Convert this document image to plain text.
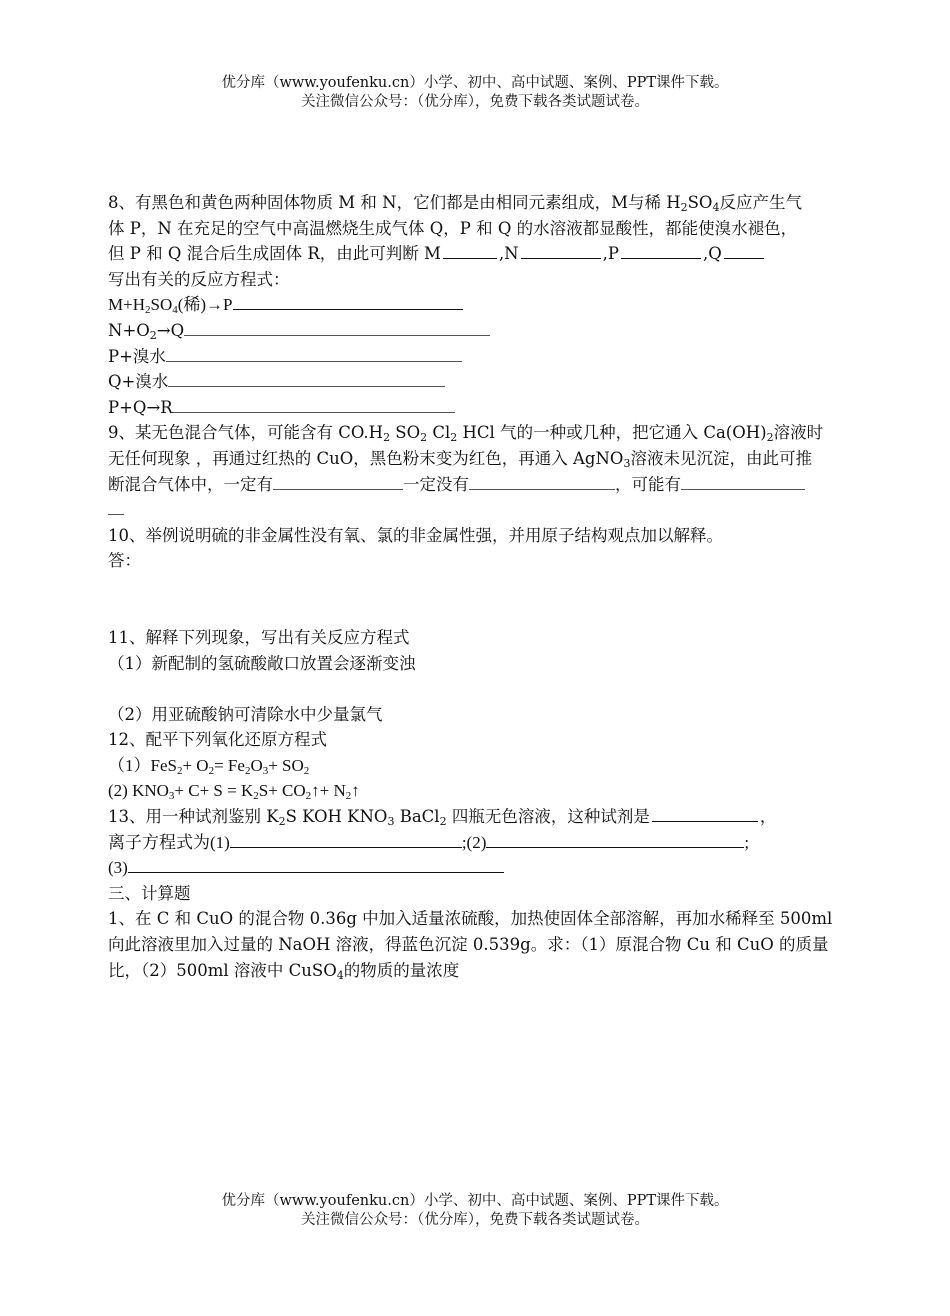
优分库（www.youfenku.cn）小学、初中、高中试题、案例、PPT课件下载。
关注微信公众号：（优分库），免费下载各类试题试卷。
8、有黑色和黄色两种固体物质 M 和 N，它们都是由相同元素组成，M与稀 $H_2SO_4$反应产生气
体 P，N 在充足的空气中高温燃烧生成气体 Q，P 和 Q 的水溶液都显酸性，都能使溴水褪色，
但 P 和 Q 混合后生成固体 R，由此可判断 M	,N	,P	,Q
写出有关的反应方程式：
$M+H_2SO_4$(稀)→P
$N+O_2\to Q$
P+溴水
Q+溴水
P+Q→R
9、某无色混合气体，可能含有 $CO.H_2$ $SO_2$ $Cl_2$ HCl 气的一种或几种，把它通入 $Ca(OH)_2$溶液时
无任何现象 ，再通过红热的 CuO，黑色粉末变为红色，再通入 AgNO$_3$溶液未见沉淀，由此可推
断混合气体中，一定有	一定没有	，可能有
10、举例说明硫的非金属性没有氧、氯的非金属性强，并用原子结构观点加以解释。
答：
11、解释下列现象，写出有关反应方程式
（1）新配制的氢硫酸敞口放置会逐渐变浊
（2）用亚硫酸钠可清除水中少量氯气
12、配平下列氧化还原方程式
$(1)FeS_2+ O_2= Fe_2O_3+ SO_2$
(2) $KNO_3+ C+ S = K_2S+$ $CO_2↑+$ $N_2↑$
13、用一种试剂鉴别 $K_2S$ KOH $KNO_3$ BaCl$_2$ 四瓶无色溶液，这种试剂是	，
离子方程式为(1)	;(2)	;
(3)
三、计算题
1、在 C 和 CuO 的混合物 0.36g 中加入适量浓硫酸，加热使固体全部溶解，再加水稀释至 500ml
向此溶液里加入过量的 NaOH 溶液，得蓝色沉淀 0.539g。求：（1）原混合物 Cu 和 CuO 的质量
比，（2）500ml 溶液中 CuSO$_4$的物质的量浓度
优分库（www.youfenku.cn）小学、初中、高中试题、案例、PPT课件下载。
关注微信公众号：（优分库），免费下载各类试题试卷。
